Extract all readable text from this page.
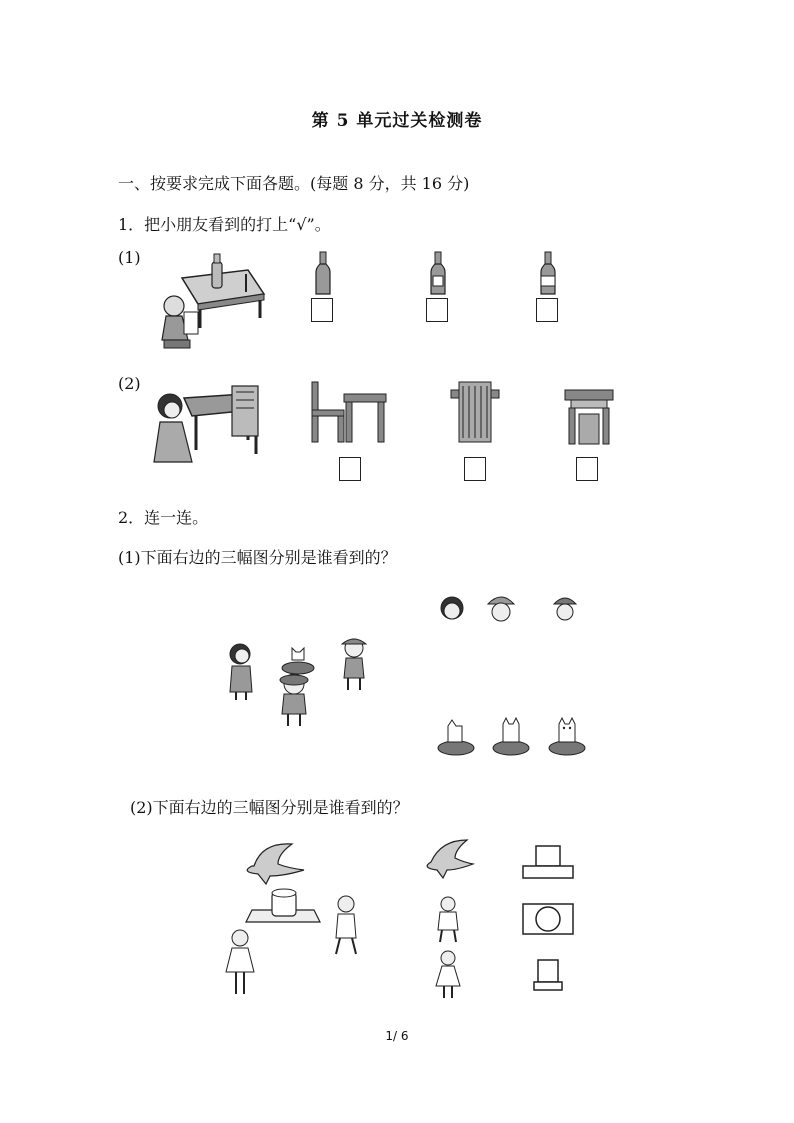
第 5 单元过关检测卷
一、按要求完成下面各题。(每题 8 分，共 16 分)
1．把小朋友看到的打上“√”。
(1)
(2)
2．连一连。
(1)下面右边的三幅图分别是谁看到的？
(2)下面右边的三幅图分别是谁看到的？
1/ 6
